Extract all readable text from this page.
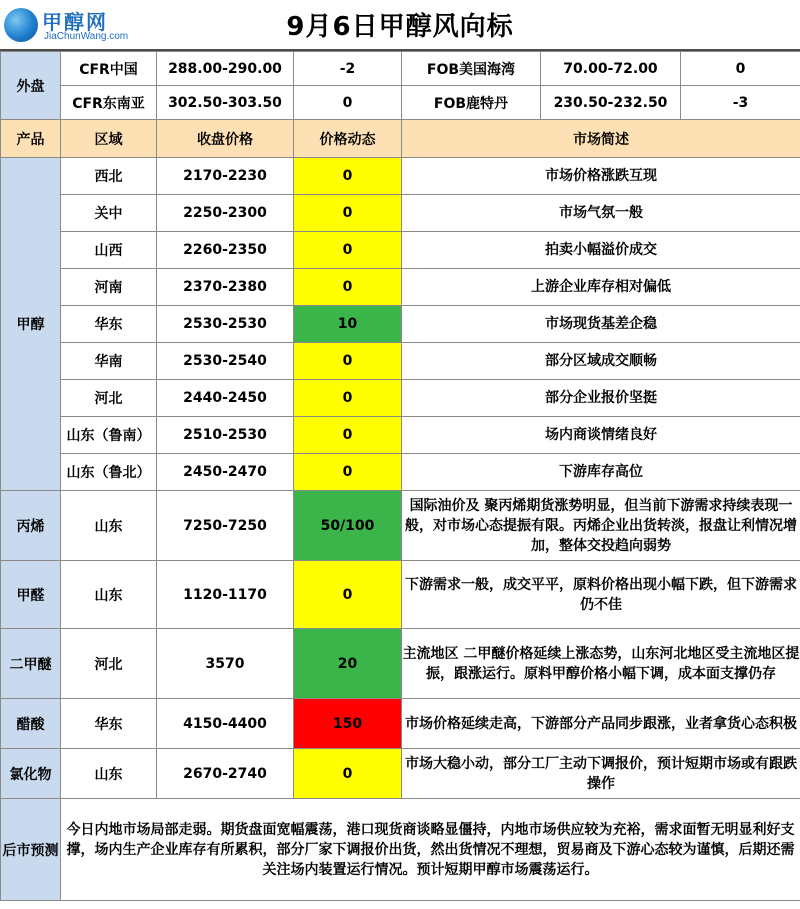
甲醇网
JiaChunWang.com	9月6日甲醇风向标
外盘	CFR中国	288.00-290.00	-2	FOB美国海湾	70.00-72.00	0
	CFR东南亚	302.50-303.50	0	FOB鹿特丹	230.50-232.50	-3
产品	区域	收盘价格	价格动态	市场简述		
甲醇	西北	2170-2230	0	市场价格涨跌互现		
	关中	2250-2300	0	市场气氛一般		
	山西	2260-2350	0	拍卖小幅溢价成交		
	河南	2370-2380	0	上游企业库存相对偏低		
	华东	2530-2530	10	市场现货基差企稳		
	华南	2530-2540	0	部分区域成交顺畅		
	河北	2440-2450	0	部分企业报价坚挺		
	山东（鲁南）	2510-2530	0	场内商谈情绪良好		
	山东（鲁北）	2450-2470	0	下游库存高位		
丙烯	山东	7250-7250	50/100	国际油价及 聚丙烯期货涨势明显，但当前下游需求持续表现一般，对市场心态提振有限。丙烯企业出货转淡，报盘让利情况增加，整体交投趋向弱势		
甲醛	山东	1120-1170	0	下游需求一般，成交平平，原料价格出现小幅下跌，但下游需求仍不佳		
二甲醚	河北	3570	20	主流地区 二甲醚价格延续上涨态势，山东河北地区受主流地区提振，跟涨运行。原料甲醇价格小幅下调，成本面支撑仍存		
醋酸	华东	4150-4400	150	市场价格延续走高，下游部分产品同步跟涨，业者拿货心态积极		
氯化物	山东	2670-2740	0	市场大稳小动，部分工厂主动下调报价，预计短期市场或有跟跌操作		
后市预测	今日内地市场局部走弱。期货盘面宽幅震荡，港口现货商谈略显僵持，内地市场供应较为充裕，需求面暂无明显利好支撑，场内生产企业库存有所累积，部分厂家下调报价出货，然出货情况不理想，贸易商及下游心态较为谨慎，后期还需关注场内装置运行情况。预计短期甲醇市场震荡运行。					
